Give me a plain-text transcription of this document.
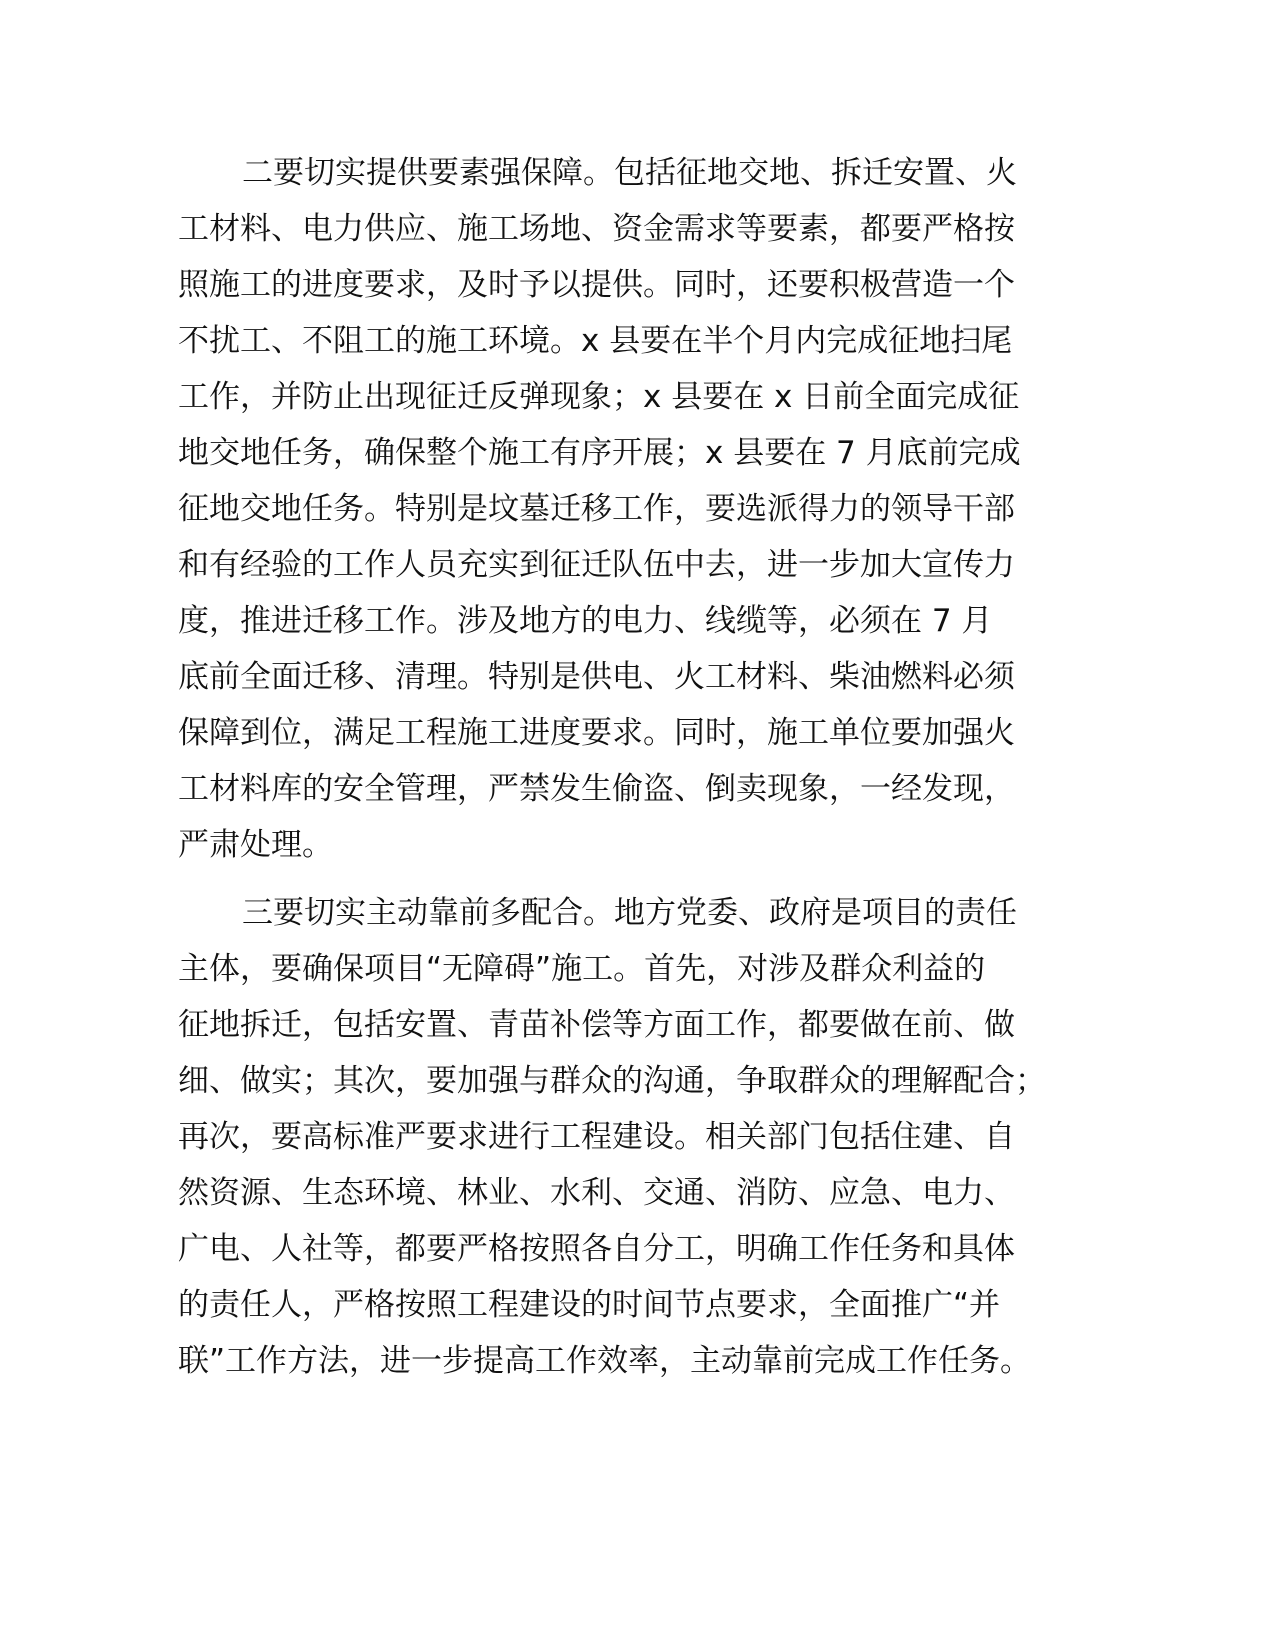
二要切实提供要素强保障。包括征地交地、拆迁安置、火
工材料、电力供应、施工场地、资金需求等要素，都要严格按
照施工的进度要求，及时予以提供。同时，还要积极营造一个
不扰工、不阻工的施工环境。x 县要在半个月内完成征地扫尾
工作，并防止出现征迁反弹现象；x 县要在 x 日前全面完成征
地交地任务，确保整个施工有序开展；x 县要在 7 月底前完成
征地交地任务。特别是坟墓迁移工作，要选派得力的领导干部
和有经验的工作人员充实到征迁队伍中去，进一步加大宣传力
度，推进迁移工作。涉及地方的电力、线缆等，必须在 7 月
底前全面迁移、清理。特别是供电、火工材料、柴油燃料必须
保障到位，满足工程施工进度要求。同时，施工单位要加强火
工材料库的安全管理，严禁发生偷盗、倒卖现象，一经发现，
严肃处理。
三要切实主动靠前多配合。地方党委、政府是项目的责任
主体，要确保项目“无障碍”施工。首先，对涉及群众利益的
征地拆迁，包括安置、青苗补偿等方面工作，都要做在前、做
细、做实；其次，要加强与群众的沟通，争取群众的理解配合；
再次，要高标准严要求进行工程建设。相关部门包括住建、自
然资源、生态环境、林业、水利、交通、消防、应急、电力、
广电、人社等，都要严格按照各自分工，明确工作任务和具体
的责任人，严格按照工程建设的时间节点要求，全面推广“并
联”工作方法，进一步提高工作效率，主动靠前完成工作任务。
